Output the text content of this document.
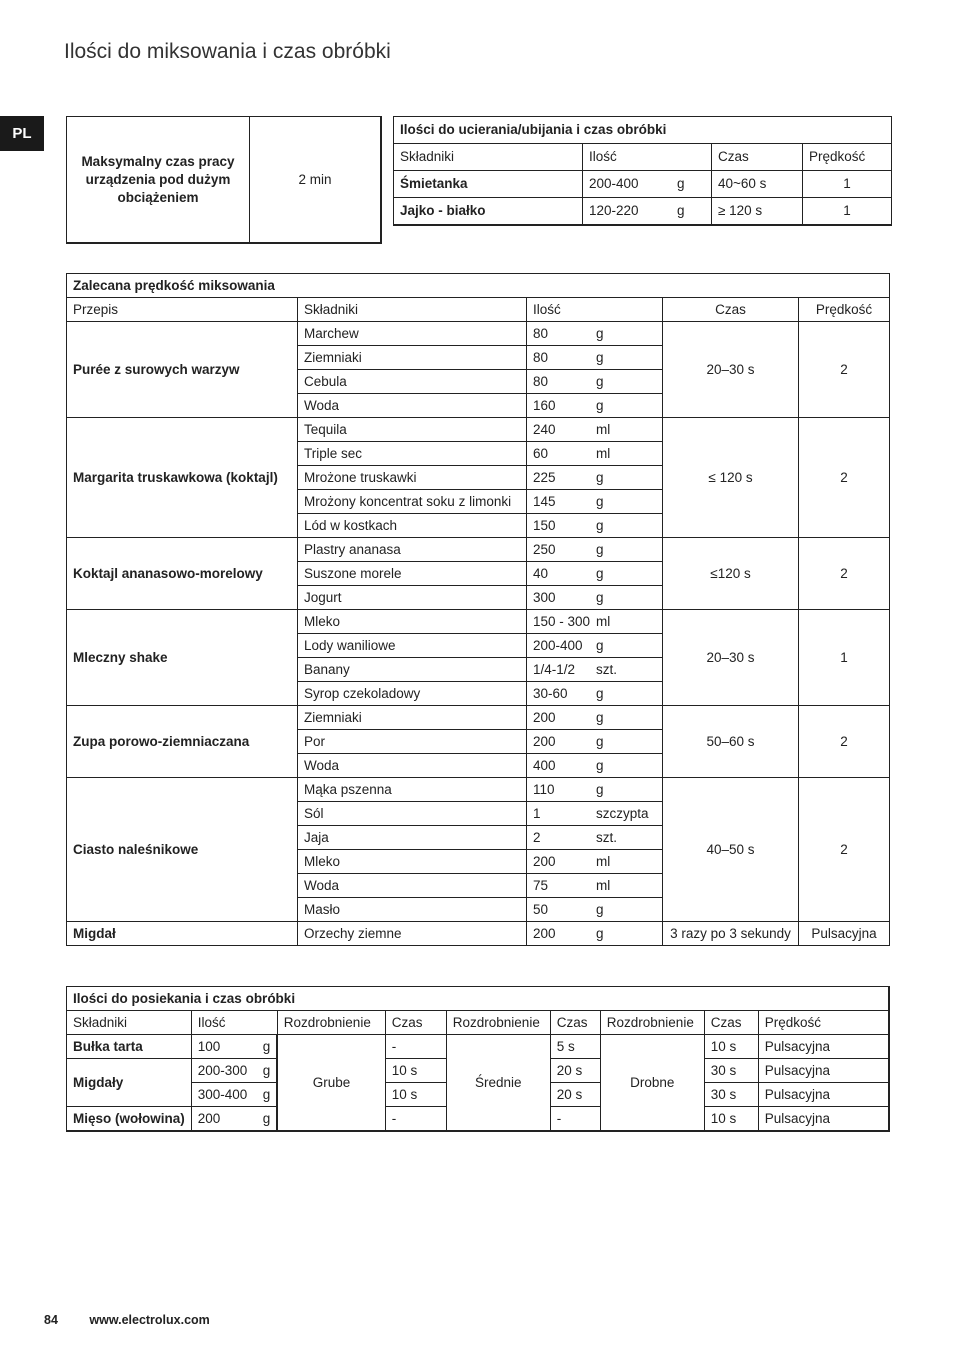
Ilości do miksowania i czas obróbki
PL
Maksymalny czas pracy urządzenia pod dużym obciążeniem	2 min
Ilości do ucierania/ubijania i czas obróbki			
Składniki	Ilość	Czas	Prędkość
Śmietanka	200-400 g	40~60 s	1
Jajko - białko	120-220 g	≥ 120 s	1
Zalecana prędkość miksowania				
Przepis	Składniki	Ilość	Czas	Prędkość
Purée z surowych warzyw	Marchew	80 g	20–30 s	2
	Ziemniaki	80 g		

	Cebula	80 g		

	Woda	160 g		

Margarita truskawkowa (koktajl)	Tequila	240 ml	≤ 120 s	2
	Triple sec	60 ml		

	Mrożone truskawki	225 g		

	Mrożony koncentrat soku z limonki	145 g		

	Lód w kostkach	150 g		

Koktajl ananasowo-morelowy	Plastry ananasa	250 g	≤120 s	2
	Suszone morele	40 g		

	Jogurt	300 g		

Mleczny shake	Mleko	150 - 300 ml	20–30 s	1
	Lody waniliowe	200-400 g		

	Banany	1/4-1/2 szt.		

	Syrop czekoladowy	30-60 g		

Zupa porowo-ziemniaczana	Ziemniaki	200 g	50–60 s	2
	Por	200 g		

	Woda	400 g		

Ciasto naleśnikowe	Mąka pszenna	110 g	40–50 s	2
	Sól	1 szczypta		

	Jaja	2 szt.		

	Mleko	200 ml		

	Woda	75 ml		

	Masło	50 g		

Migdał	Orzechy ziemne	200 g	3 razy po 3 sekundy	Pulsacyjna
Ilości do posiekania i czas obróbki								
Składniki	Ilość	Rozdrobnienie	Czas	Rozdrobnienie	Czas	Rozdrobnienie	Czas	Prędkość
Bułka tarta	100 g	Grube	-	Średnie	5 s	Drobne	10 s	Pulsacyjna
Migdały	200-300 g		10 s		20 s		30 s	Pulsacyjna

	300-400 g		10 s		20 s		30 s	Pulsacyjna
Mięso (wołowina)	200 g		-		-		10 s	Pulsacyjna
84	www.electrolux.com
